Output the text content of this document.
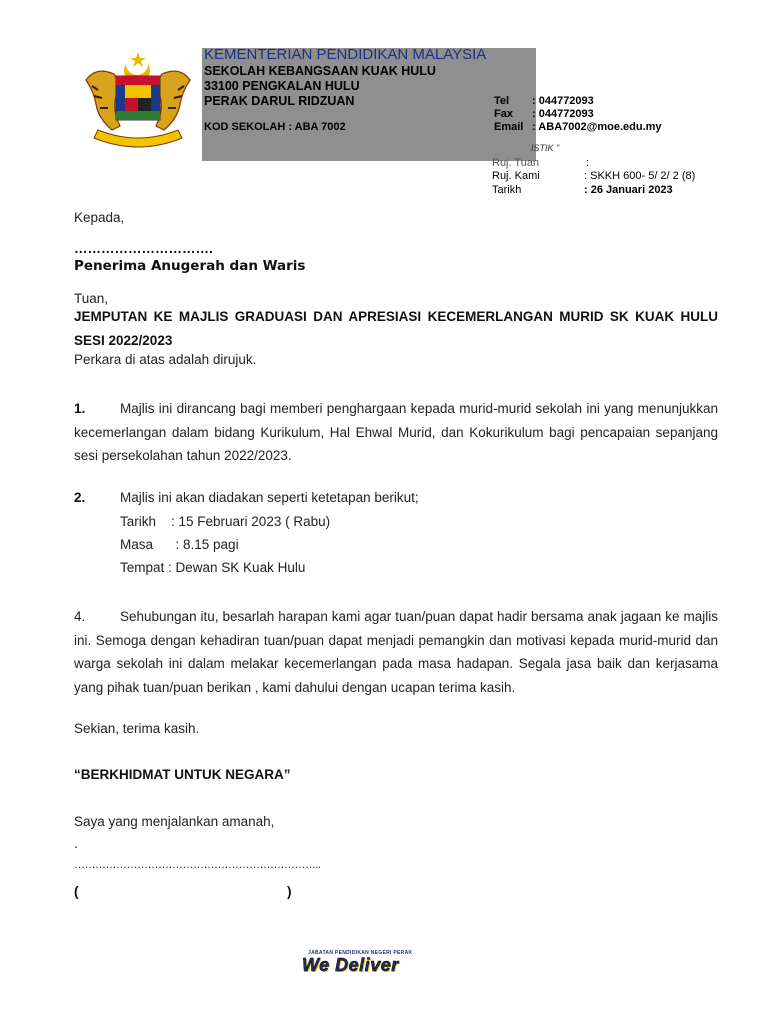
KEMENTERIAN PENDIDIKAN MALAYSIA
SEKOLAH KEBANGSAAN KUAK HULU
33100 PENGKALAN HULU
PERAK DARUL RIDZUAN
KOD SEKOLAH : ABA 7002
Tel : 044772093
Fax : 044772093
Email : ABA7002@moe.edu.my
ISTIK "
Ruj. Tuan	:
Ruj. Kami	: SKKH 600- 5/ 2/ 2 (8)
Tarikh	: 26 Januari 2023
Kepada,
………………………….
Penerima Anugerah dan Waris
Tuan,
JEMPUTAN KE MAJLIS GRADUASI DAN APRESIASI KECEMERLANGAN MURID SK KUAK HULU SESI 2022/2023
Perkara di atas adalah dirujuk.
1.	Majlis ini dirancang bagi memberi penghargaan kepada murid-murid sekolah ini yang menunjukkan kecemerlangan dalam bidang Kurikulum, Hal Ehwal Murid, dan Kokurikulum bagi pencapaian sepanjang sesi persekolahan tahun 2022/2023.
2.	Majlis ini akan diadakan seperti ketetapan berikut;
Tarikh    : 15 Februari 2023 ( Rabu)
Masa      : 8.15 pagi
Tempat : Dewan SK Kuak Hulu
4.	Sehubungan itu, besarlah harapan kami agar tuan/puan dapat hadir bersama anak jagaan ke majlis ini. Semoga dengan kehadiran tuan/puan dapat menjadi pemangkin dan motivasi kepada murid-murid dan warga sekolah ini dalam melakar kecemerlangan pada masa hadapan. Segala jasa baik dan kerjasama yang pihak tuan/puan berikan , kami dahului dengan ucapan terima kasih.
Sekian, terima kasih.
“BERKHIDMAT UNTUK NEGARA”
Saya yang menjalankan amanah,
.
……………………………………………………………..
(	)
JABATAN PENDIDIKAN NEGERI PERAK
We Deliver
